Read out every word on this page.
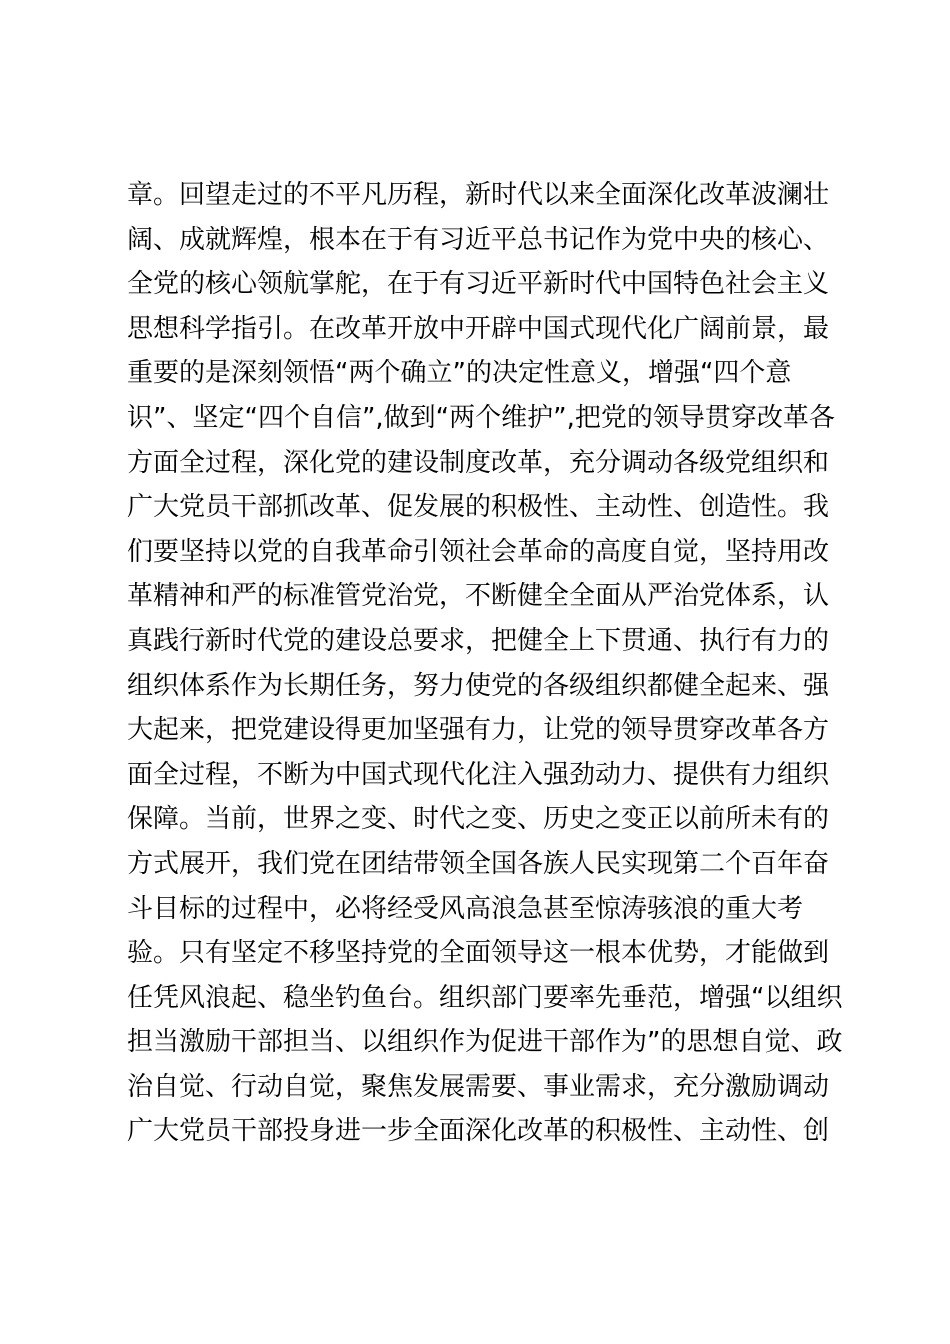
章。回望走过的不平凡历程，新时代以来全面深化改革波澜壮
阔、成就辉煌，根本在于有习近平总书记作为党中央的核心、
全党的核心领航掌舵，在于有习近平新时代中国特色社会主义
思想科学指引。在改革开放中开辟中国式现代化广阔前景，最
重要的是深刻领悟“两个确立”的决定性意义，增强“四个意
识”、坚定“四个自信”,做到“两个维护”,把党的领导贯穿改革各
方面全过程，深化党的建设制度改革，充分调动各级党组织和
广大党员干部抓改革、促发展的积极性、主动性、创造性。我
们要坚持以党的自我革命引领社会革命的高度自觉，坚持用改
革精神和严的标准管党治党，不断健全全面从严治党体系，认
真践行新时代党的建设总要求，把健全上下贯通、执行有力的
组织体系作为长期任务，努力使党的各级组织都健全起来、强
大起来，把党建设得更加坚强有力，让党的领导贯穿改革各方
面全过程，不断为中国式现代化注入强劲动力、提供有力组织
保障。当前，世界之变、时代之变、历史之变正以前所未有的
方式展开，我们党在团结带领全国各族人民实现第二个百年奋
斗目标的过程中，必将经受风高浪急甚至惊涛骇浪的重大考
验。只有坚定不移坚持党的全面领导这一根本优势，才能做到
任凭风浪起、稳坐钓鱼台。组织部门要率先垂范，增强“以组织
担当激励干部担当、以组织作为促进干部作为”的思想自觉、政
治自觉、行动自觉，聚焦发展需要、事业需求，充分激励调动
广大党员干部投身进一步全面深化改革的积极性、主动性、创
